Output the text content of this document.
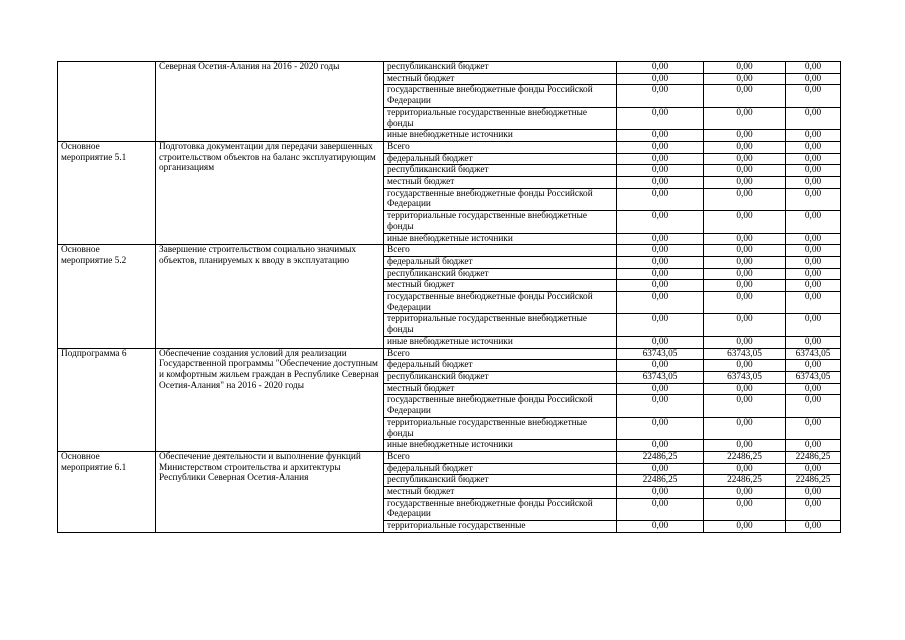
	Северная Осетия-Алания на 2016 - 2020 годы	республиканский бюджет	0,00	0,00	0,00
		местный бюджет	0,00	0,00	0,00
		государственные внебюджетные фонды Российской Федерации	0,00	0,00	0,00
		территориальные государственные внебюджетные фонды	0,00	0,00	0,00
		иные внебюджетные источники	0,00	0,00	0,00
Основное мероприятие 5.1	Подготовка документации для передачи завершенных строительством объектов на баланс эксплуатирующим организациям	Всего	0,00	0,00	0,00
		федеральный бюджет	0,00	0,00	0,00
		республиканский бюджет	0,00	0,00	0,00
		местный бюджет	0,00	0,00	0,00
		государственные внебюджетные фонды Российской Федерации	0,00	0,00	0,00
		территориальные государственные внебюджетные фонды	0,00	0,00	0,00
		иные внебюджетные источники	0,00	0,00	0,00
Основное мероприятие 5.2	Завершение строительством социально значимых объектов, планируемых к вводу в эксплуатацию	Всего	0,00	0,00	0,00
		федеральный бюджет	0,00	0,00	0,00
		республиканский бюджет	0,00	0,00	0,00
		местный бюджет	0,00	0,00	0,00
		государственные внебюджетные фонды Российской Федерации	0,00	0,00	0,00
		территориальные государственные внебюджетные фонды	0,00	0,00	0,00
		иные внебюджетные источники	0,00	0,00	0,00
Подпрограмма 6	Обеспечение создания условий для реализации Государственной программы "Обеспечение доступным и комфортным жильем граждан в Республике Северная Осетия-Алания" на 2016 - 2020 годы	Всего	63743,05	63743,05	63743,05
		федеральный бюджет	0,00	0,00	0,00
		республиканский бюджет	63743,05	63743,05	63743,05
		местный бюджет	0,00	0,00	0,00
		государственные внебюджетные фонды Российской Федерации	0,00	0,00	0,00
		территориальные государственные внебюджетные фонды	0,00	0,00	0,00
		иные внебюджетные источники	0,00	0,00	0,00
Основное мероприятие 6.1	Обеспечение деятельности и выполнение функций Министерством строительства и архитектуры Республики Северная Осетия-Алания	Всего	22486,25	22486,25	22486,25
		федеральный бюджет	0,00	0,00	0,00
		республиканский бюджет	22486,25	22486,25	22486,25
		местный бюджет	0,00	0,00	0,00
		государственные внебюджетные фонды Российской Федерации	0,00	0,00	0,00
		территориальные государственные	0,00	0,00	0,00
